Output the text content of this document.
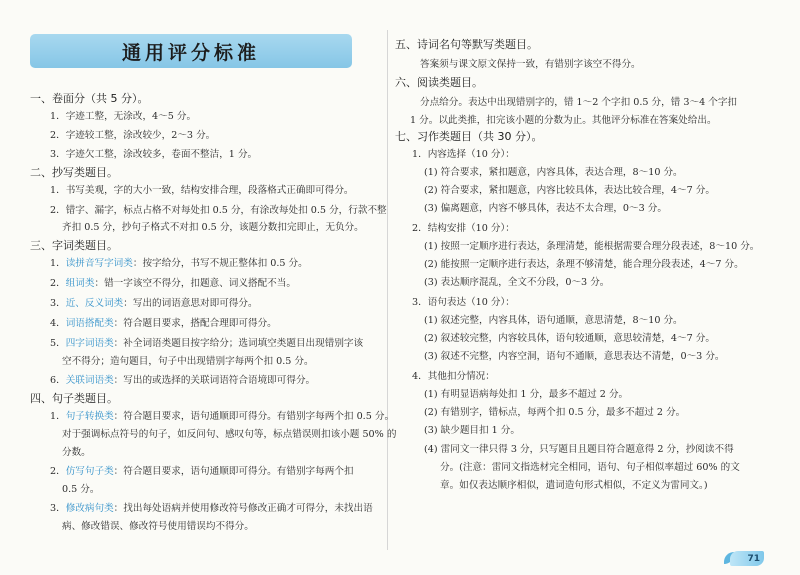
通用评分标准
一、卷面分（共 5 分）。
1．字迹工整，无涂改，4～5 分。
2．字迹较工整，涂改较少，2～3 分。
3．字迹欠工整，涂改较多，卷面不整洁，1 分。
二、抄写类题目。
1．书写美观，字的大小一致，结构安排合理，段落格式正确即可得分。
2．错字、漏字，标点占格不对每处扣 0.5 分，有涂改每处扣 0.5 分，行款不整
齐扣 0.5 分，抄句子格式不对扣 0.5 分，该题分数扣完即止，无负分。
三、字词类题目。
1．读拼音写字词类：按字给分，书写不规正整体扣 0.5 分。
2．组词类：错一字该空不得分，扣题意、词义搭配不当。
3．近、反义词类：写出的词语意思对即可得分。
4．词语搭配类：符合题目要求，搭配合理即可得分。
5．四字词语类：补全词语类题目按字给分；选词填空类题目出现错别字该
空不得分；造句题目，句子中出现错别字每两个扣 0.5 分。
6．关联词语类：写出的或选择的关联词语符合语境即可得分。
四、句子类题目。
1．句子转换类：符合题目要求，语句通顺即可得分。有错别字每两个扣 0.5 分。
对于强调标点符号的句子，如反问句、感叹句等，标点错误则扣该小题 50% 的
分数。
2．仿写句子类：符合题目要求，语句通顺即可得分。有错别字每两个扣
0.5 分。
3．修改病句类：找出每处语病并使用修改符号修改正确才可得分，未找出语
病、修改错误、修改符号使用错误均不得分。
五、诗词名句等默写类题目。
答案须与课文原文保持一致，有错别字该空不得分。
六、阅读类题目。
分点给分。表达中出现错别字的，错 1～2 个字扣 0.5 分，错 3～4 个字扣
1 分。以此类推，扣完该小题的分数为止。其他评分标准在答案处给出。
七、习作类题目（共 30 分）。
1．内容选择（10 分）：
(1) 符合要求，紧扣题意，内容具体，表达合理，8～10 分。
(2) 符合要求，紧扣题意，内容比较具体，表达比较合理，4～7 分。
(3) 偏离题意，内容不够具体，表达不太合理，0～3 分。
2．结构安排（10 分）：
(1) 按照一定顺序进行表达，条理清楚，能根据需要合理分段表述，8～10 分。
(2) 能按照一定顺序进行表达，条理不够清楚，能合理分段表述，4～7 分。
(3) 表达顺序混乱，全文不分段，0～3 分。
3．语句表达（10 分）：
(1) 叙述完整，内容具体，语句通顺，意思清楚，8～10 分。
(2) 叙述较完整，内容较具体，语句较通顺，意思较清楚，4～7 分。
(3) 叙述不完整，内容空洞，语句不通顺，意思表达不清楚，0～3 分。
4．其他扣分情况：
(1) 有明显语病每处扣 1 分，最多不超过 2 分。
(2) 有错别字，错标点，每两个扣 0.5 分，最多不超过 2 分。
(3) 缺少题目扣 1 分。
(4) 雷同文一律只得 3 分，只写题目且题目符合题意得 2 分，抄阅读不得
分。(注意：雷同文指选材完全相同，语句、句子相似率超过 60% 的文
章。如仅表达顺序相似，遣词造句形式相似，不定义为雷同文。)
71
